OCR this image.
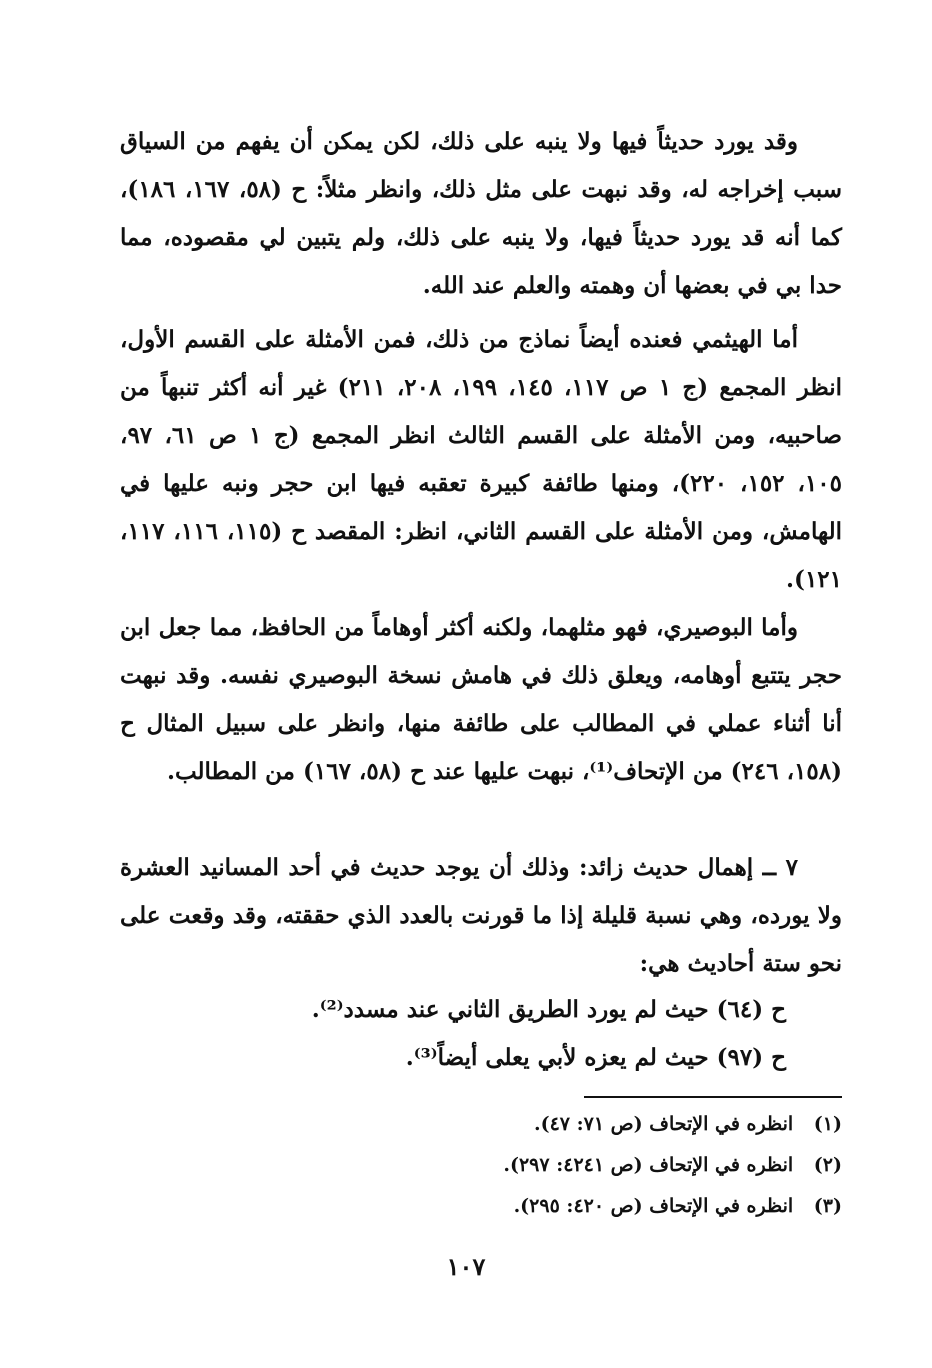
وقد يورد حديثاً فيها ولا ينبه على ذلك، لكن يمكن أن يفهم من السياق سبب إخراجه له، وقد نبهت على مثل ذلك، وانظر مثلاً: ح (٥٨، ١٦٧، ١٨٦)، كما أنه قد يورد حديثاً فيها، ولا ينبه على ذلك، ولم يتبين لي مقصوده، مما حدا بي في بعضها أن وهمته والعلم عند الله.

أما الهيثمي فعنده أيضاً نماذج من ذلك، فمن الأمثلة على القسم الأول، انظر المجمع (ج ١ ص ١١٧، ١٤٥، ١٩٩، ٢٠٨، ٢١١) غير أنه أكثر تنبهاً من صاحبيه، ومن الأمثلة على القسم الثالث انظر المجمع (ج ١ ص ٦١، ٩٧، ١٠٥، ١٥٢، ٢٢٠)، ومنها طائفة كبيرة تعقبه فيها ابن حجر ونبه عليها في الهامش، ومن الأمثلة على القسم الثاني، انظر: المقصد ح (١١٥، ١١٦، ١١٧، ١٢١).

وأما البوصيري، فهو مثلهما، ولكنه أكثر أوهاماً من الحافظ، مما جعل ابن حجر يتتبع أوهامه، ويعلق ذلك في هامش نسخة البوصيري نفسه. وقد نبهت أنا أثناء عملي في المطالب على طائفة منها، وانظر على سبيل المثال ح (١٥٨، ٢٤٦) من الإتحاف⁽¹⁾، نبهت عليها عند ح (٥٨، ١٦٧) من المطالب.

٧ ــ إهمال حديث زائد: وذلك أن يوجد حديث في أحد المسانيد العشرة ولا يورده، وهي نسبة قليلة إذا ما قورنت بالعدد الذي حققته، وقد وقعت على نحو ستة أحاديث هي:

ح (٦٤) حيث لم يورد الطريق الثاني عند مسدد⁽²⁾.

ح (٩٧) حيث لم يعزه لأبي يعلى أيضاً⁽³⁾.

(١) انظره في الإتحاف (ص ٧١: ٤٧).

(٢) انظره في الإتحاف (ص ٤٢٤١: ٢٩٧).

(٣) انظره في الإتحاف (ص ٤٢٠: ٢٩٥).

١٠٧
